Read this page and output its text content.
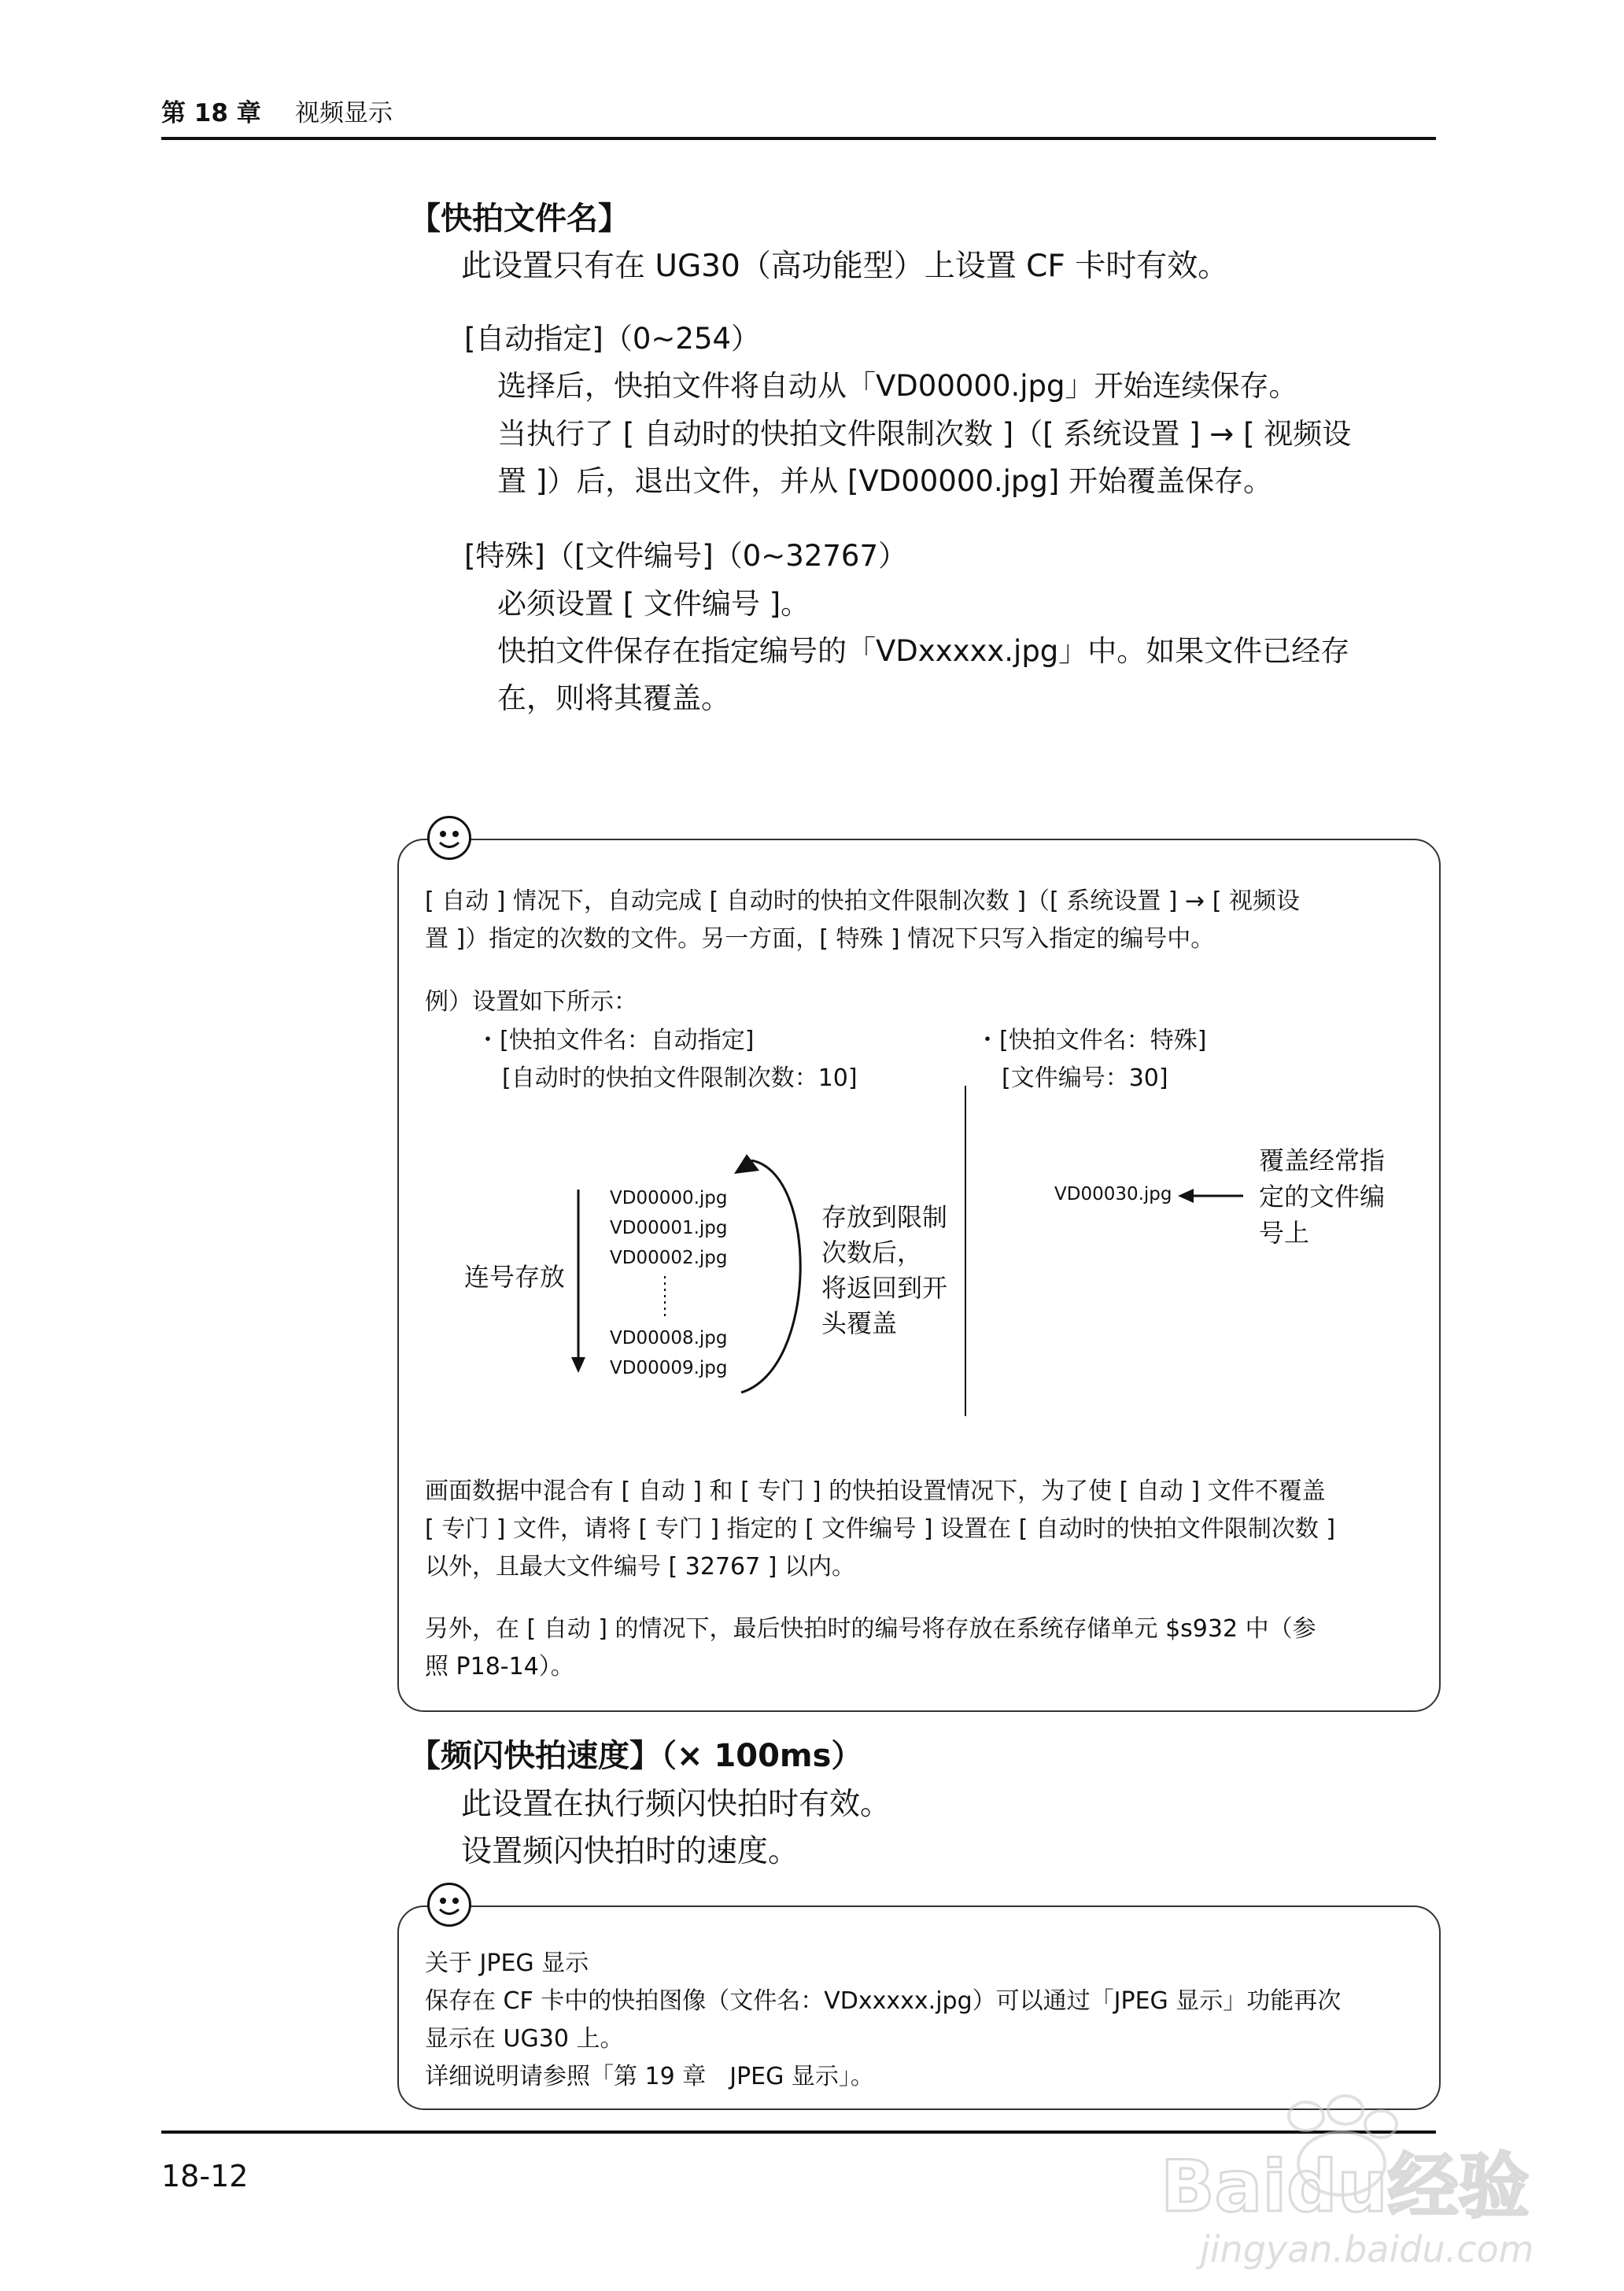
第 18 章 视频显示
【快拍文件名】
此设置只有在 UG30（高功能型）上设置 CF 卡时有效。
[自动指定]（0~254）
选择后，快拍文件将自动从「VD00000.jpg」开始连续保存。
当执行了 [ 自动时的快拍文件限制次数 ]（[ 系统设置 ] → [ 视频设
置 ]）后，退出文件，并从 [VD00000.jpg] 开始覆盖保存。
[特殊]（[文件编号]（0~32767）
必须设置 [ 文件编号 ]。
快拍文件保存在指定编号的「VDxxxxx.jpg」中。如果文件已经存
在，则将其覆盖。
[ 自动 ] 情况下，自动完成 [ 自动时的快拍文件限制次数 ]（[ 系统设置 ] → [ 视频设
置 ]）指定的次数的文件。另一方面，[ 特殊 ] 情况下只写入指定的编号中。
例）设置如下所示：
・[快拍文件名：自动指定]
[自动时的快拍文件限制次数：10]
・[快拍文件名：特殊]
[文件编号：30]
连号存放
VD00000.jpg
VD00001.jpg
VD00002.jpg
VD00008.jpg
VD00009.jpg
存放到限制
次数后，
将返回到开
头覆盖
VD00030.jpg
覆盖经常指
定的文件编
号上
画面数据中混合有 [ 自动 ] 和 [ 专门 ] 的快拍设置情况下，为了使 [ 自动 ] 文件不覆盖
[ 专门 ] 文件，请将 [ 专门 ] 指定的 [ 文件编号 ] 设置在 [ 自动时的快拍文件限制次数 ]
以外，且最大文件编号 [ 32767 ] 以内。
另外，在 [ 自动 ] 的情况下，最后快拍时的编号将存放在系统存储单元 $s932 中（参
照 P18-14）。
【频闪快拍速度】（× 100ms）
此设置在执行频闪快拍时有效。
设置频闪快拍时的速度。
关于 JPEG 显示
保存在 CF 卡中的快拍图像（文件名：VDxxxxx.jpg）可以通过「JPEG 显示」功能再次
显示在 UG30 上。
详细说明请参照「第 19 章　JPEG 显示」。
18-12	Baidu经验
jingyan.baidu.com
